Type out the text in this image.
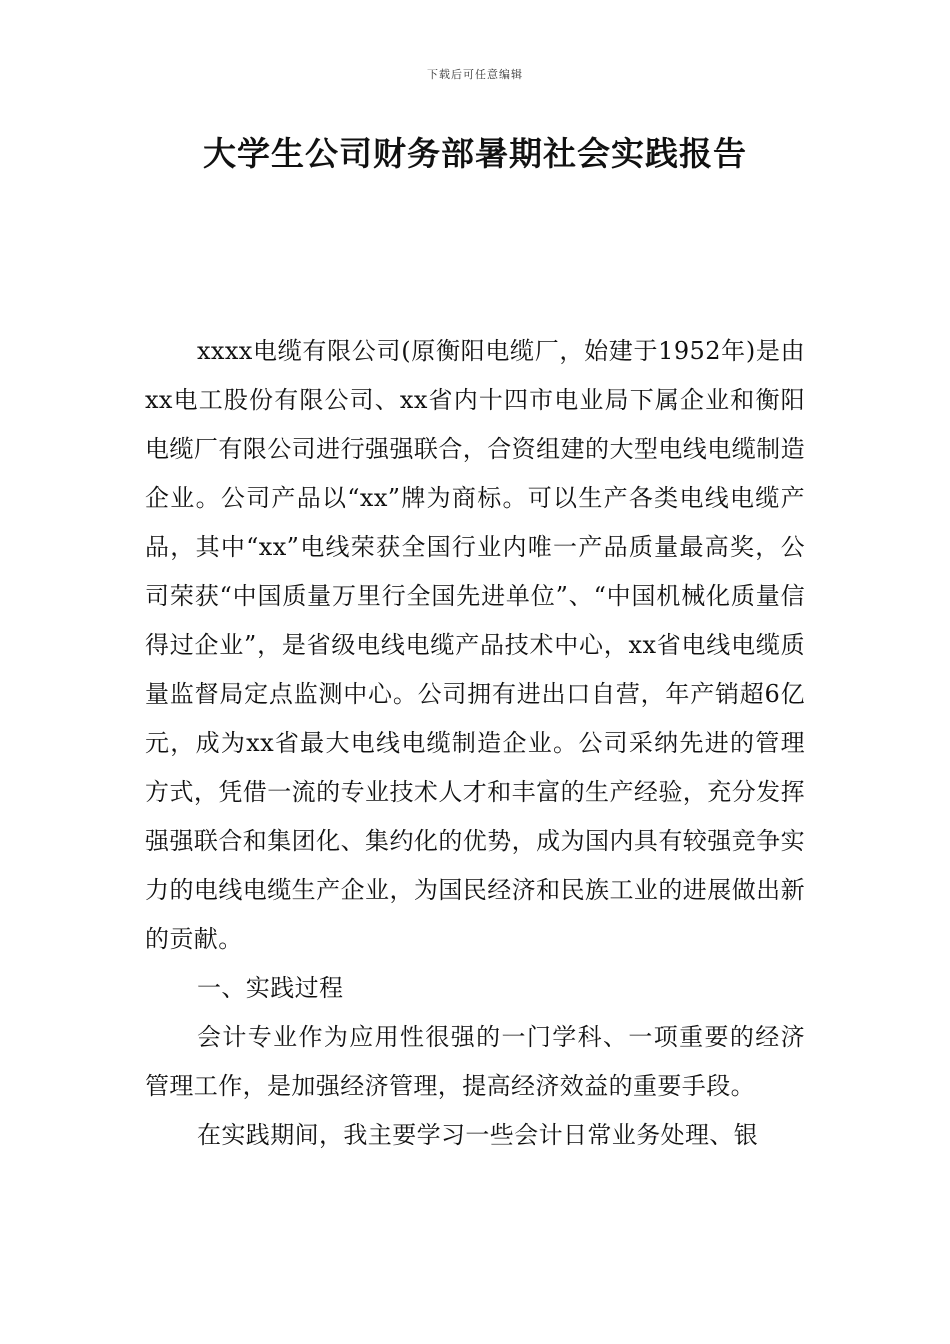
下载后可任意编辑
大学生公司财务部暑期社会实践报告

xxxx电缆有限公司(原衡阳电缆厂，始建于1952年)是由xx电工股份有限公司、xx省内十四市电业局下属企业和衡阳电缆厂有限公司进行强强联合，合资组建的大型电线电缆制造企业。公司产品以“xx”牌为商标。可以生产各类电线电缆产品，其中“xx”电线荣获全国行业内唯一产品质量最高奖，公司荣获“中国质量万里行全国先进单位”、“中国机械化质量信得过企业”，是省级电线电缆产品技术中心，xx省电线电缆质量监督局定点监测中心。公司拥有进出口自营，年产销超6亿元，成为xx省最大电线电缆制造企业。公司采纳先进的管理方式，凭借一流的专业技术人才和丰富的生产经验，充分发挥强强联合和集团化、集约化的优势，成为国内具有较强竞争实力的电线电缆生产企业，为国民经济和民族工业的进展做出新的贡献。

一、实践过程

会计专业作为应用性很强的一门学科、一项重要的经济管理工作，是加强经济管理，提高经济效益的重要手段。

在实践期间，我主要学习一些会计日常业务处理、银
